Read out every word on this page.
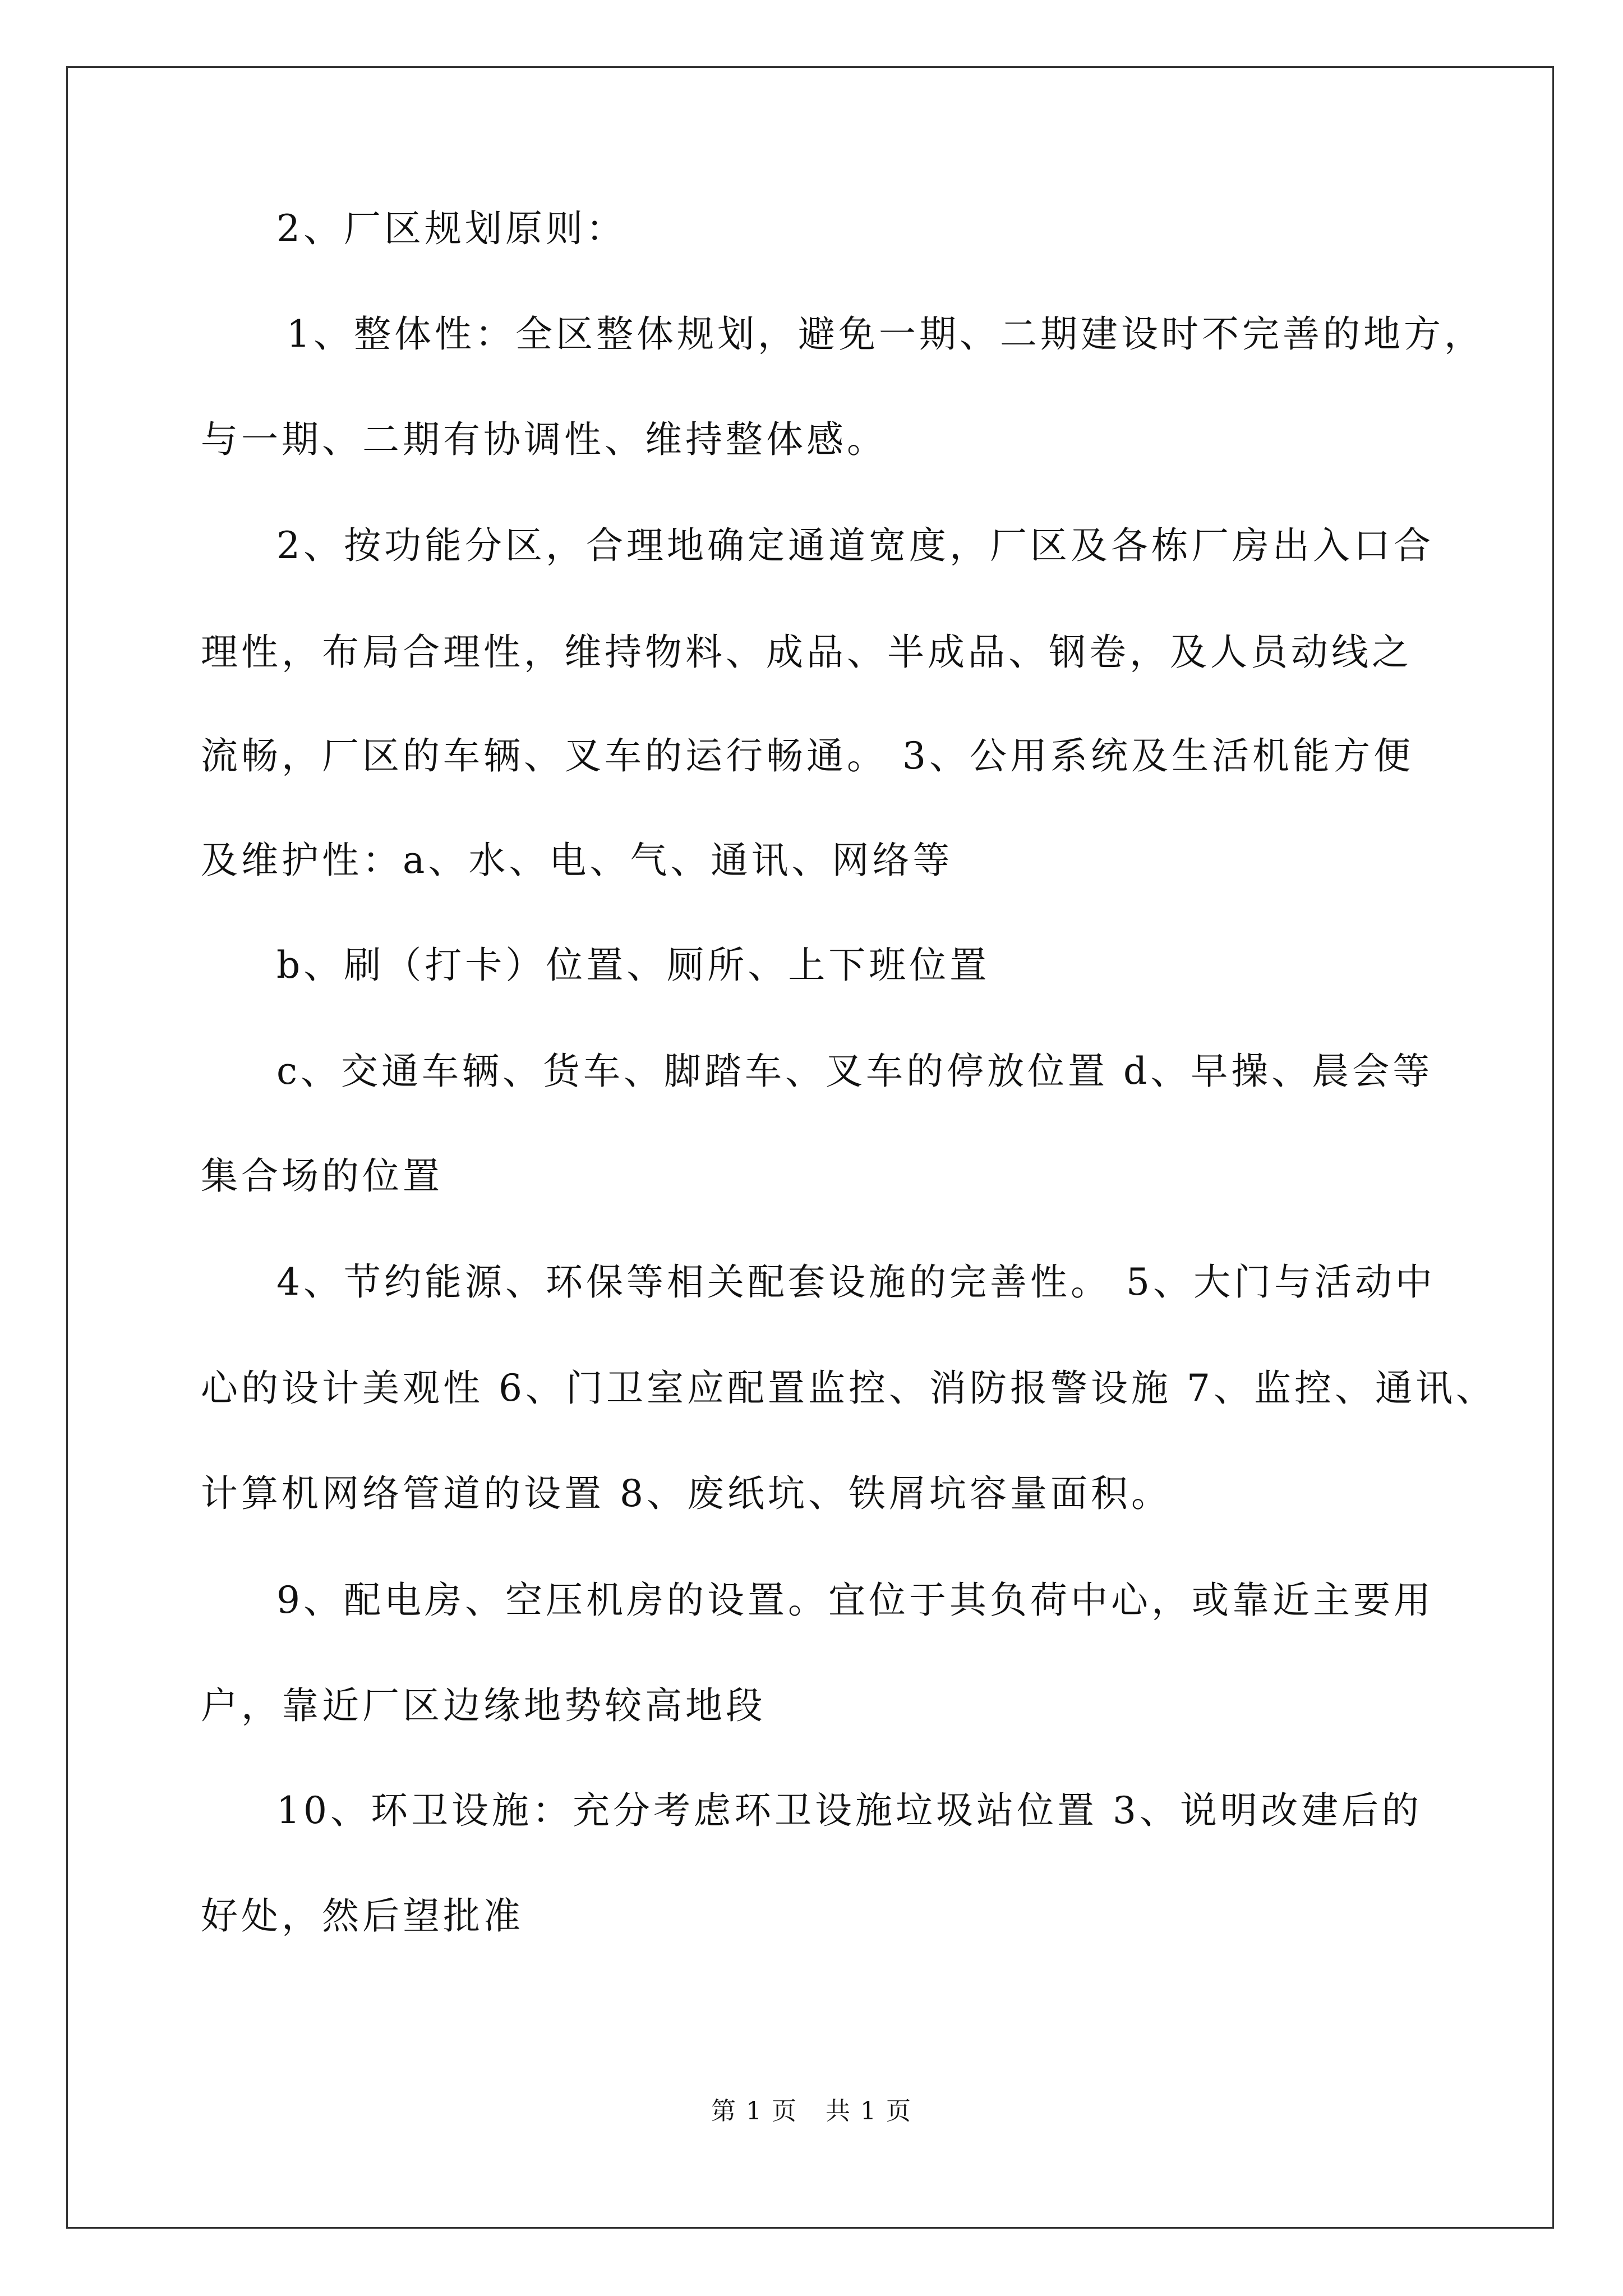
2、厂区规划原则：
1、整体性：全区整体规划，避免一期、二期建设时不完善的地方，
与一期、二期有协调性、维持整体感。
2、按功能分区，合理地确定通道宽度，厂区及各栋厂房出入口合
理性，布局合理性，维持物料、成品、半成品、钢卷，及人员动线之
流畅，厂区的车辆、叉车的运行畅通。 3、公用系统及生活机能方便
及维护性：a、水、电、气、通讯、网络等
b、刷（打卡）位置、厕所、上下班位置
c、交通车辆、货车、脚踏车、叉车的停放位置 d、早操、晨会等
集合场的位置
4、节约能源、环保等相关配套设施的完善性。 5、大门与活动中
心的设计美观性 6、门卫室应配置监控、消防报警设施 7、监控、通讯、
计算机网络管道的设置 8、废纸坑、铁屑坑容量面积。
9、配电房、空压机房的设置。宜位于其负荷中心，或靠近主要用
户，靠近厂区边缘地势较高地段
10、环卫设施：充分考虑环卫设施垃圾站位置 3、说明改建后的
好处，然后望批准
第 1 页 共 1 页
